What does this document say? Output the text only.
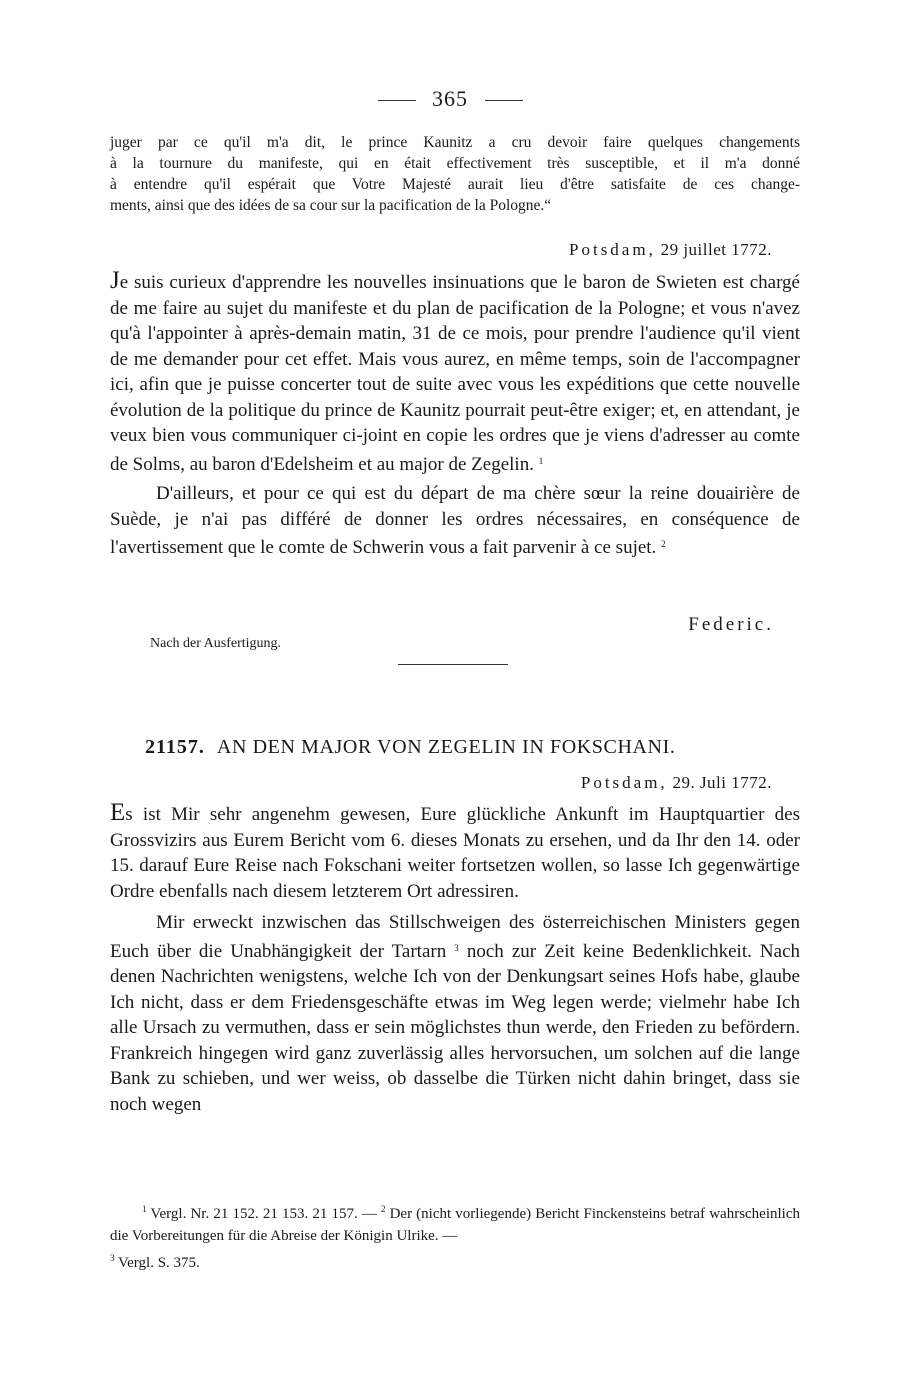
365

juger par ce qu'il m'a dit, le prince Kaunitz a cru devoir faire quelques changements

à la tournure du manifeste, qui en était effectivement très susceptible, et il m'a donné

à entendre qu'il espérait que Votre Majesté aurait lieu d'être satisfaite de ces change-

ments, ainsi que des idées de sa cour sur la pacification de la Pologne.“

Potsdam, 29 juillet 1772.

Je suis curieux d'apprendre les nouvelles insinuations que le baron de Swieten est chargé de me faire au sujet du manifeste et du plan de pacification de la Pologne; et vous n'avez qu'à l'appointer à après-demain matin, 31 de ce mois, pour prendre l'audience qu'il vient de me demander pour cet effet. Mais vous aurez, en même temps, soin de l'accompagner ici, afin que je puisse concerter tout de suite avec vous les expéditions que cette nouvelle évolution de la politique du prince de Kaunitz pourrait peut-être exiger; et, en attendant, je veux bien vous communiquer ci-joint en copie les ordres que je viens d'adresser au comte de Solms, au baron d'Edelsheim et au major de Zegelin. $^1$

D'ailleurs, et pour ce qui est du départ de ma chère sœur la reine douairière de Suède, je n'ai pas différé de donner les ordres nécessaires, en conséquence de l'avertissement que le comte de Schwerin vous a fait parvenir à ce sujet. $^2$

Federic.
Nach der Ausfertigung.
21157. AN DEN MAJOR VON ZEGELIN IN FOKSCHANI.
Potsdam, 29. Juli 1772.

Es ist Mir sehr angenehm gewesen, Eure glückliche Ankunft im Hauptquartier des Grossvizirs aus Eurem Bericht vom 6. dieses Monats zu ersehen, und da Ihr den 14. oder 15. darauf Eure Reise nach Fokschani weiter fortsetzen wollen, so lasse Ich gegenwärtige Ordre ebenfalls nach diesem letzterem Ort adressiren.

Mir erweckt inzwischen das Stillschweigen des österreichischen Ministers gegen Euch über die Unabhängigkeit der Tartarn $^3$ noch zur Zeit keine Bedenklichkeit. Nach denen Nachrichten wenigstens, welche Ich von der Denkungsart seines Hofs habe, glaube Ich nicht, dass er dem Friedensgeschäfte etwas im Weg legen werde; vielmehr habe Ich alle Ursach zu vermuthen, dass er sein möglichstes thun werde, den Frieden zu befördern. Frankreich hingegen wird ganz zuverlässig alles hervorsuchen, um solchen auf die lange Bank zu schieben, und wer weiss, ob dasselbe die Türken nicht dahin bringet, dass sie noch wegen

$^1$ Vergl. Nr. 21 152. 21 153. 21 157. — $^2$ Der (nicht vorliegende) Bericht Finckensteins betraf wahrscheinlich die Vorbereitungen für die Abreise der Königin Ulrike. —

$^3$ Vergl. S. 375.
